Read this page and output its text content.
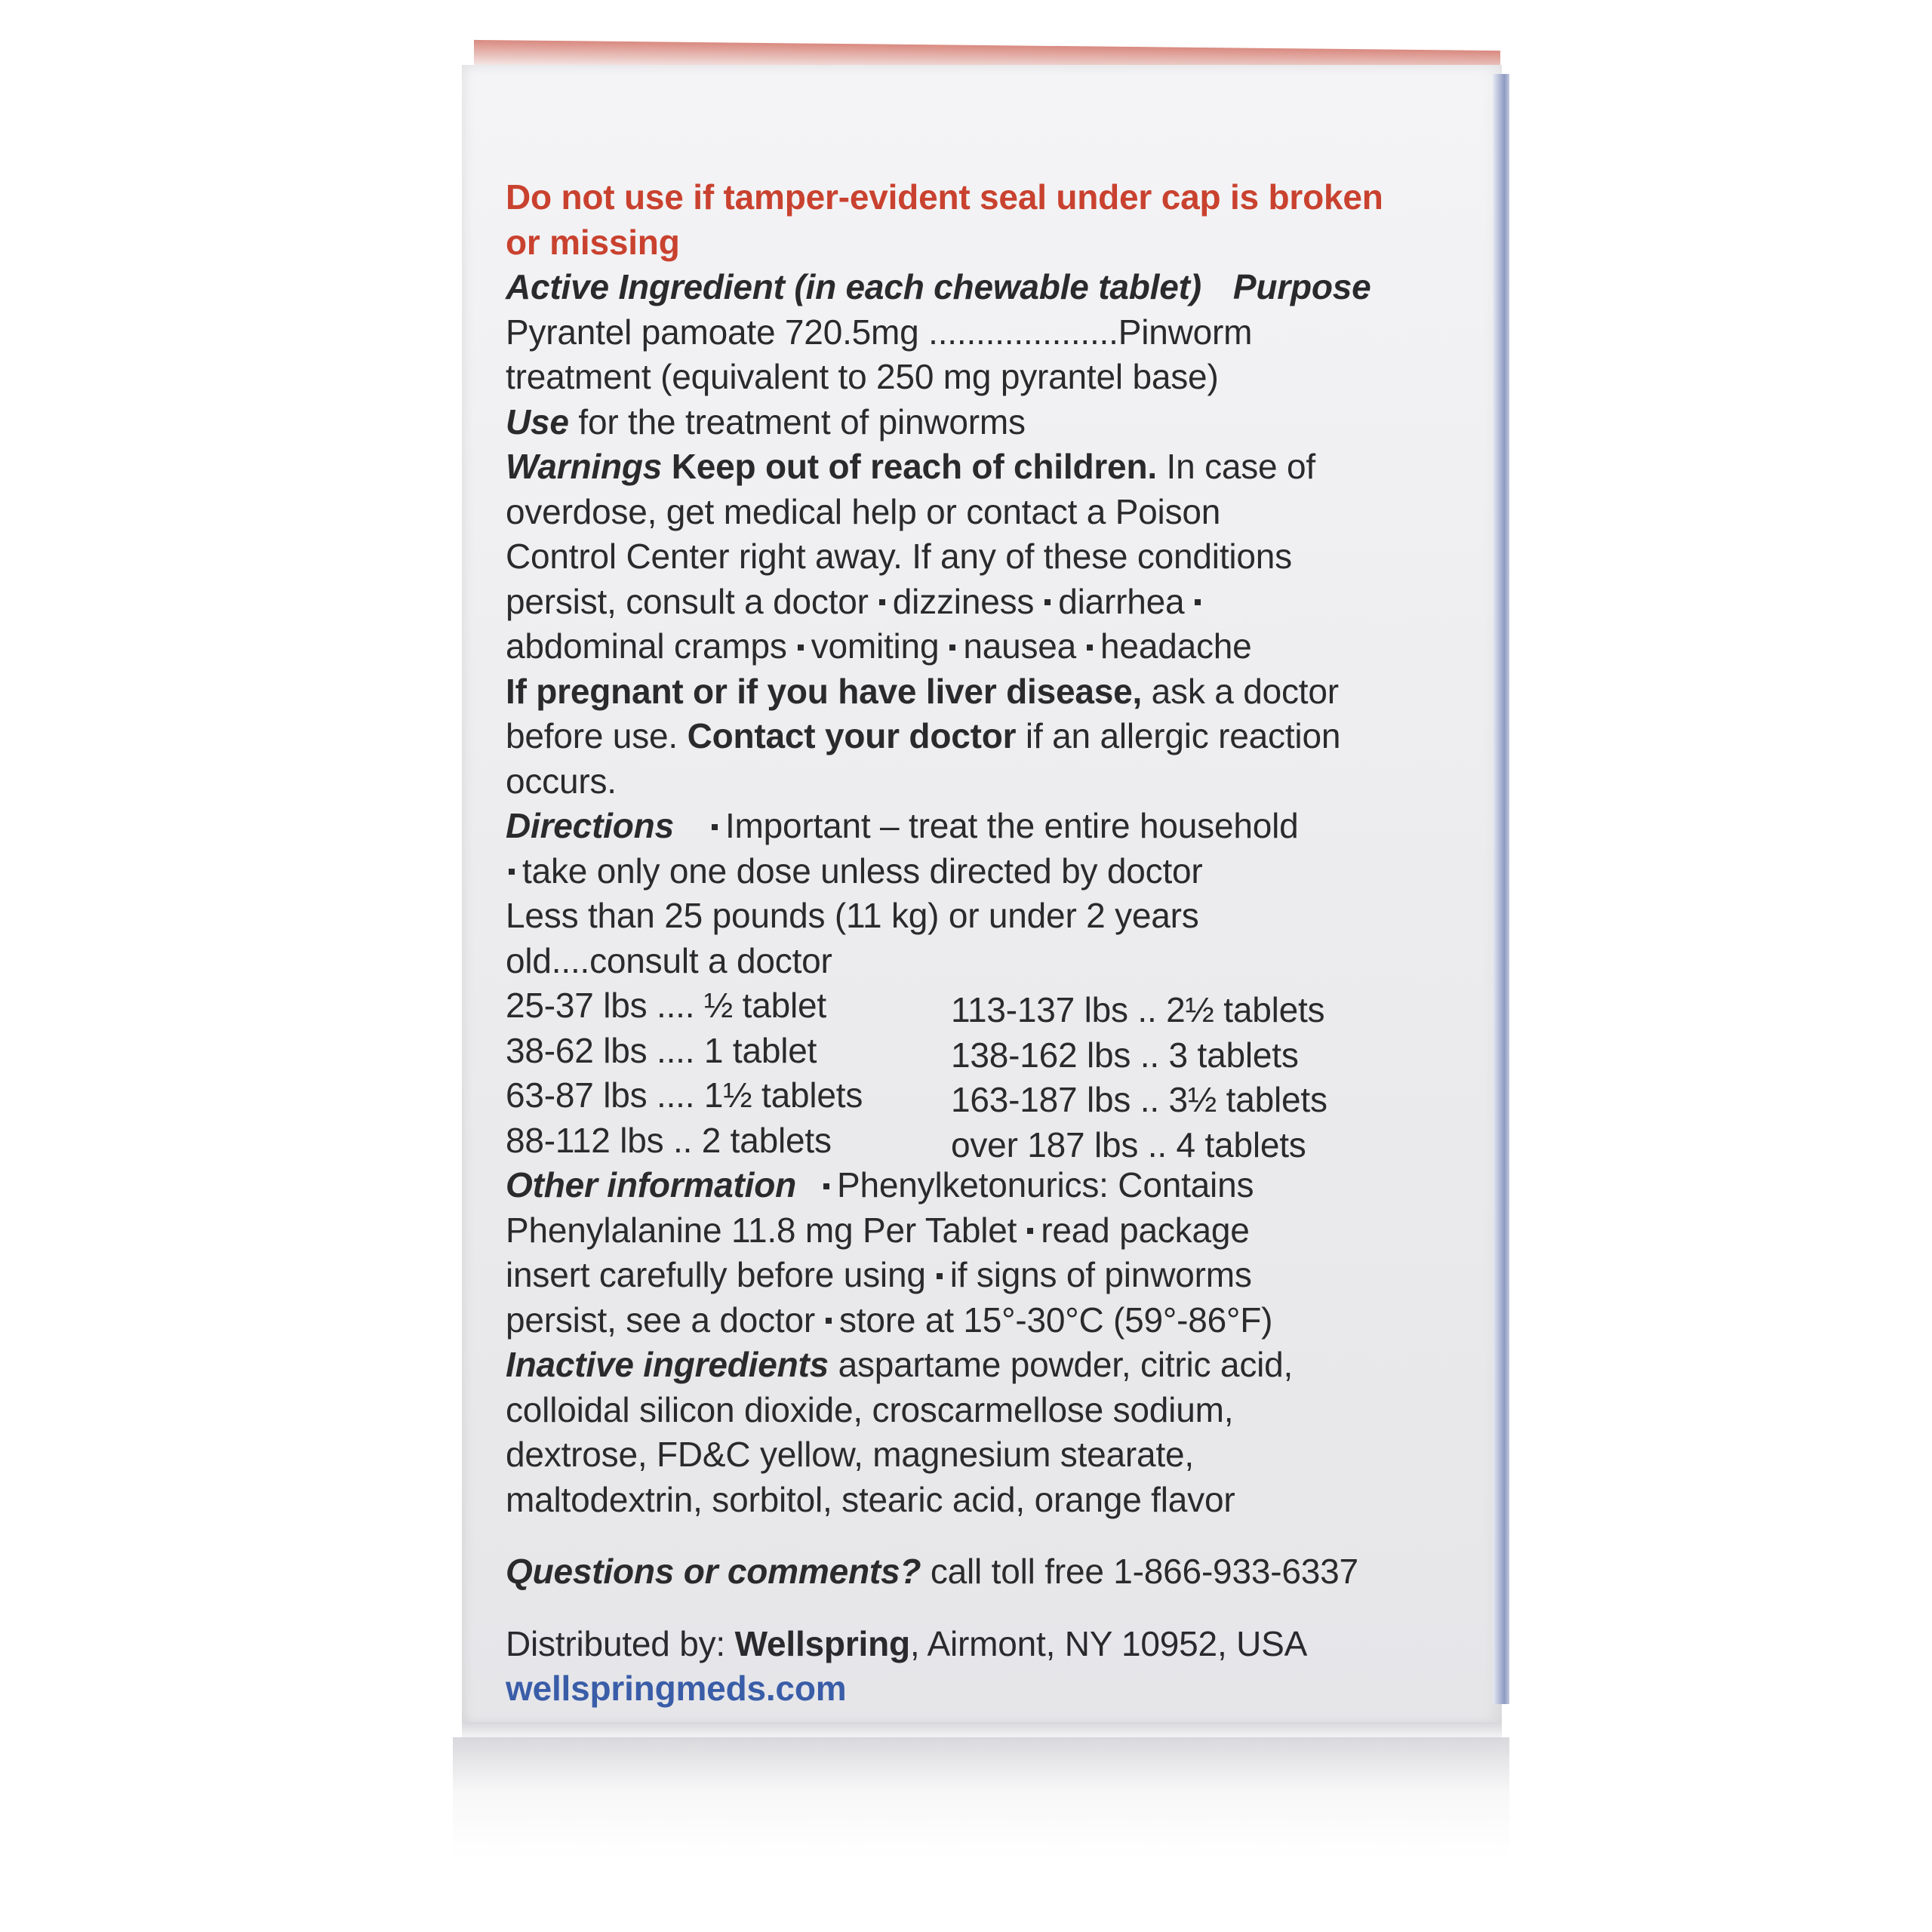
Do not use if tamper-evident seal under cap is broken
or missing
Active Ingredient (in each chewable tablet) Purpose
Pyrantel pamoate 720.5mg ....................Pinworm
treatment (equivalent to 250 mg pyrantel base)
Use for the treatment of pinworms
Warnings Keep out of reach of children. In case of
overdose, get medical help or contact a Poison
Control Center right away. If any of these conditions
persist, consult a doctor dizziness diarrhea
abdominal cramps vomiting nausea headache
If pregnant or if you have liver disease, ask a doctor
before use. Contact your doctor if an allergic reaction
occurs.
Directions Important – treat the entire household
take only one dose unless directed by doctor
Less than 25 pounds (11 kg) or under 2 years
old....consult a doctor
25-37 lbs .... ½ tablet	113-137 lbs .. 2½ tablets
38-62 lbs .... 1 tablet	138-162 lbs .. 3 tablets
63-87 lbs .... 1½ tablets	163-187 lbs .. 3½ tablets
88-112 lbs .. 2 tablets	over 187 lbs .. 4 tablets
Other information Phenylketonurics: Contains
Phenylalanine 11.8 mg Per Tablet read package
insert carefully before using if signs of pinworms
persist, see a doctor store at 15°-30°C (59°-86°F)
Inactive ingredients aspartame powder, citric acid,
colloidal silicon dioxide, croscarmellose sodium,
dextrose, FD&C yellow, magnesium stearate,
maltodextrin, sorbitol, stearic acid, orange flavor
Questions or comments? call toll free 1-866-933-6337
Distributed by: Wellspring, Airmont, NY 10952, USA
wellspringmeds.com
